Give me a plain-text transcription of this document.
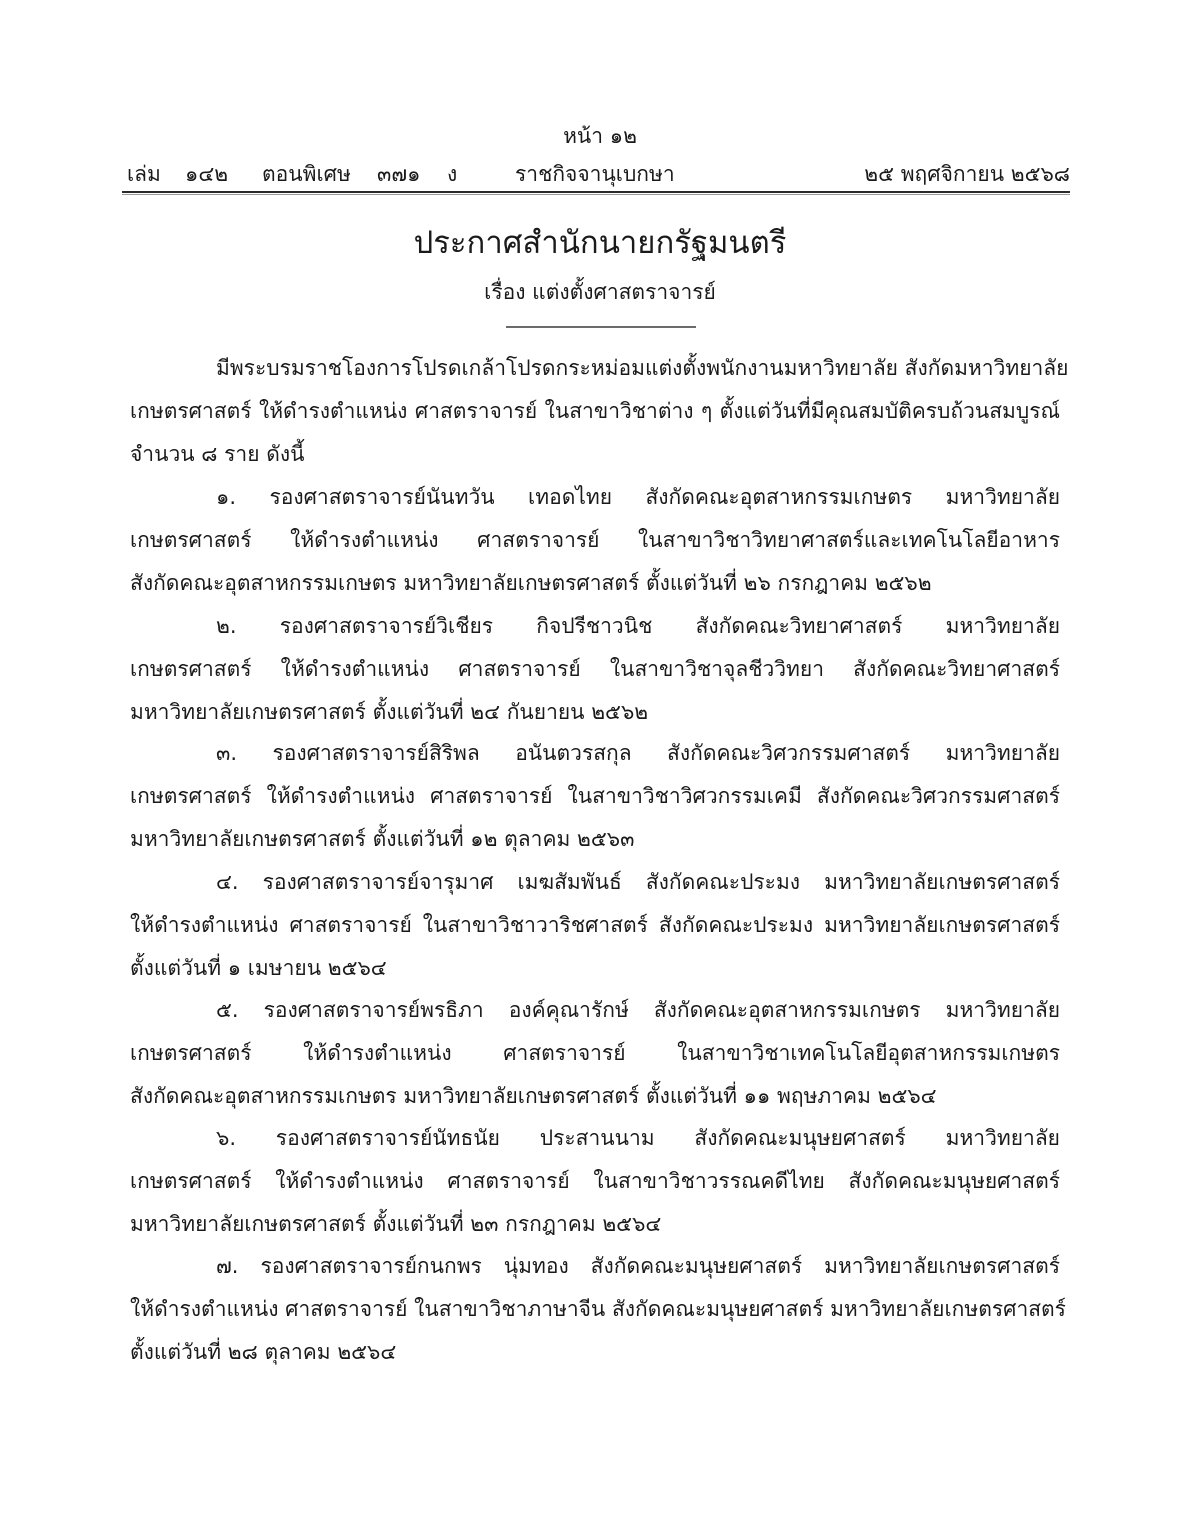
หน้า ๑๒
เล่ม ๑๔๒ ตอนพิเศษ ๓๗๑ ง	ราชกิจจานุเบกษา	๒๕ พฤศจิกายน ๒๕๖๘
ประกาศสำนักนายกรัฐมนตรี
เรื่อง แต่งตั้งศาสตราจารย์
มีพระบรมราชโองการโปรดเกล้าโปรดกระหม่อมแต่งตั้งพนักงานมหาวิทยาลัย สังกัดมหาวิทยาลัย
เกษตรศาสตร์ ให้ดำรงตำแหน่ง ศาสตราจารย์ ในสาขาวิชาต่าง ๆ ตั้งแต่วันที่มีคุณสมบัติครบถ้วนสมบูรณ์
จำนวน ๘ ราย ดังนี้
๑. รองศาสตราจารย์นันทวัน เทอดไทย สังกัดคณะอุตสาหกรรมเกษตร มหาวิทยาลัย
เกษตรศาสตร์ ให้ดำรงตำแหน่ง ศาสตราจารย์ ในสาขาวิชาวิทยาศาสตร์และเทคโนโลยีอาหาร
สังกัดคณะอุตสาหกรรมเกษตร มหาวิทยาลัยเกษตรศาสตร์ ตั้งแต่วันที่ ๒๖ กรกฎาคม ๒๕๖๒
๒. รองศาสตราจารย์วิเชียร กิจปรีชาวนิช สังกัดคณะวิทยาศาสตร์ มหาวิทยาลัย
เกษตรศาสตร์ ให้ดำรงตำแหน่ง ศาสตราจารย์ ในสาขาวิชาจุลชีววิทยา สังกัดคณะวิทยาศาสตร์
มหาวิทยาลัยเกษตรศาสตร์ ตั้งแต่วันที่ ๒๔ กันยายน ๒๕๖๒
๓. รองศาสตราจารย์สิริพล อนันตวรสกุล สังกัดคณะวิศวกรรมศาสตร์ มหาวิทยาลัย
เกษตรศาสตร์ ให้ดำรงตำแหน่ง ศาสตราจารย์ ในสาขาวิชาวิศวกรรมเคมี สังกัดคณะวิศวกรรมศาสตร์
มหาวิทยาลัยเกษตรศาสตร์ ตั้งแต่วันที่ ๑๒ ตุลาคม ๒๕๖๓
๔. รองศาสตราจารย์จารุมาศ เมฆสัมพันธ์ สังกัดคณะประมง มหาวิทยาลัยเกษตรศาสตร์
ให้ดำรงตำแหน่ง ศาสตราจารย์ ในสาขาวิชาวาริชศาสตร์ สังกัดคณะประมง มหาวิทยาลัยเกษตรศาสตร์
ตั้งแต่วันที่ ๑ เมษายน ๒๕๖๔
๕. รองศาสตราจารย์พรธิภา องค์คุณารักษ์ สังกัดคณะอุตสาหกรรมเกษตร มหาวิทยาลัย
เกษตรศาสตร์ ให้ดำรงตำแหน่ง ศาสตราจารย์ ในสาขาวิชาเทคโนโลยีอุตสาหกรรมเกษตร
สังกัดคณะอุตสาหกรรมเกษตร มหาวิทยาลัยเกษตรศาสตร์ ตั้งแต่วันที่ ๑๑ พฤษภาคม ๒๕๖๔
๖. รองศาสตราจารย์นัทธนัย ประสานนาม สังกัดคณะมนุษยศาสตร์ มหาวิทยาลัย
เกษตรศาสตร์ ให้ดำรงตำแหน่ง ศาสตราจารย์ ในสาขาวิชาวรรณคดีไทย สังกัดคณะมนุษยศาสตร์
มหาวิทยาลัยเกษตรศาสตร์ ตั้งแต่วันที่ ๒๓ กรกฎาคม ๒๕๖๔
๗. รองศาสตราจารย์กนกพร นุ่มทอง สังกัดคณะมนุษยศาสตร์ มหาวิทยาลัยเกษตรศาสตร์
ให้ดำรงตำแหน่ง ศาสตราจารย์ ในสาขาวิชาภาษาจีน สังกัดคณะมนุษยศาสตร์ มหาวิทยาลัยเกษตรศาสตร์
ตั้งแต่วันที่ ๒๘ ตุลาคม ๒๕๖๔
